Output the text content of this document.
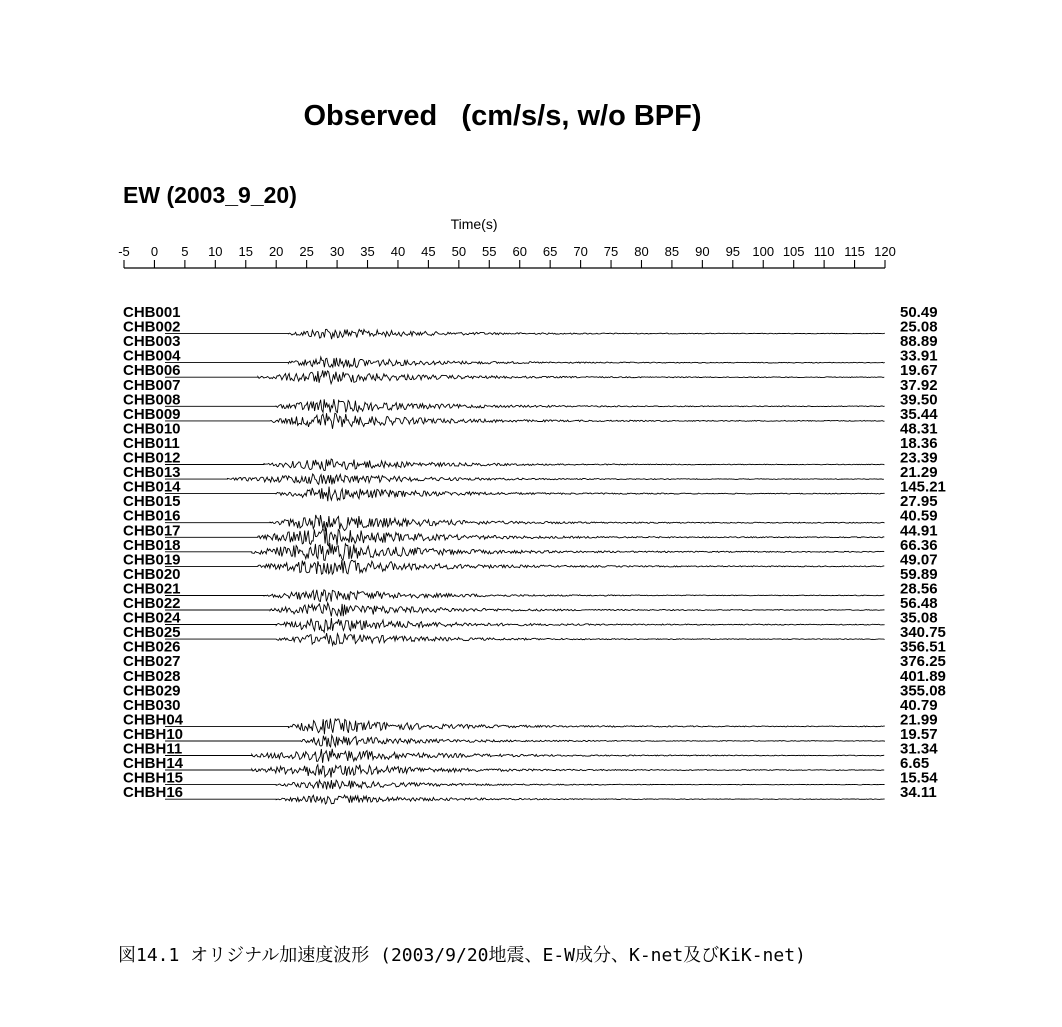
Observed   (cm/s/s, w/o BPF)
EW (2003_9_20)
Time(s)
-5 0 5 10 15 20 25 30 35 40 45 50 55 60 65 70 75 80 85 90 95 100 105 110 115 120
CHB001	50.49
CHB002	25.08
CHB003	88.89
CHB004	33.91
CHB006	19.67
CHB007	37.92
CHB008	39.50
CHB009	35.44
CHB010	48.31
CHB011	18.36
CHB012	23.39
CHB013	21.29
CHB014	145.21
CHB015	27.95
CHB016	40.59
CHB017	44.91
CHB018	66.36
CHB019	49.07
CHB020	59.89
CHB021	28.56
CHB022	56.48
CHB024	35.08
CHB025	340.75
CHB026	356.51
CHB027	376.25
CHB028	401.89
CHB029	355.08
CHB030	40.79
CHBH04	21.99
CHBH10	19.57
CHBH11	31.34
CHBH14	6.65
CHBH15	15.54
CHBH16	34.11
図14.1 オリジナル加速度波形 (2003/9/20地震、E-W成分、K-net及びKiK-net)
